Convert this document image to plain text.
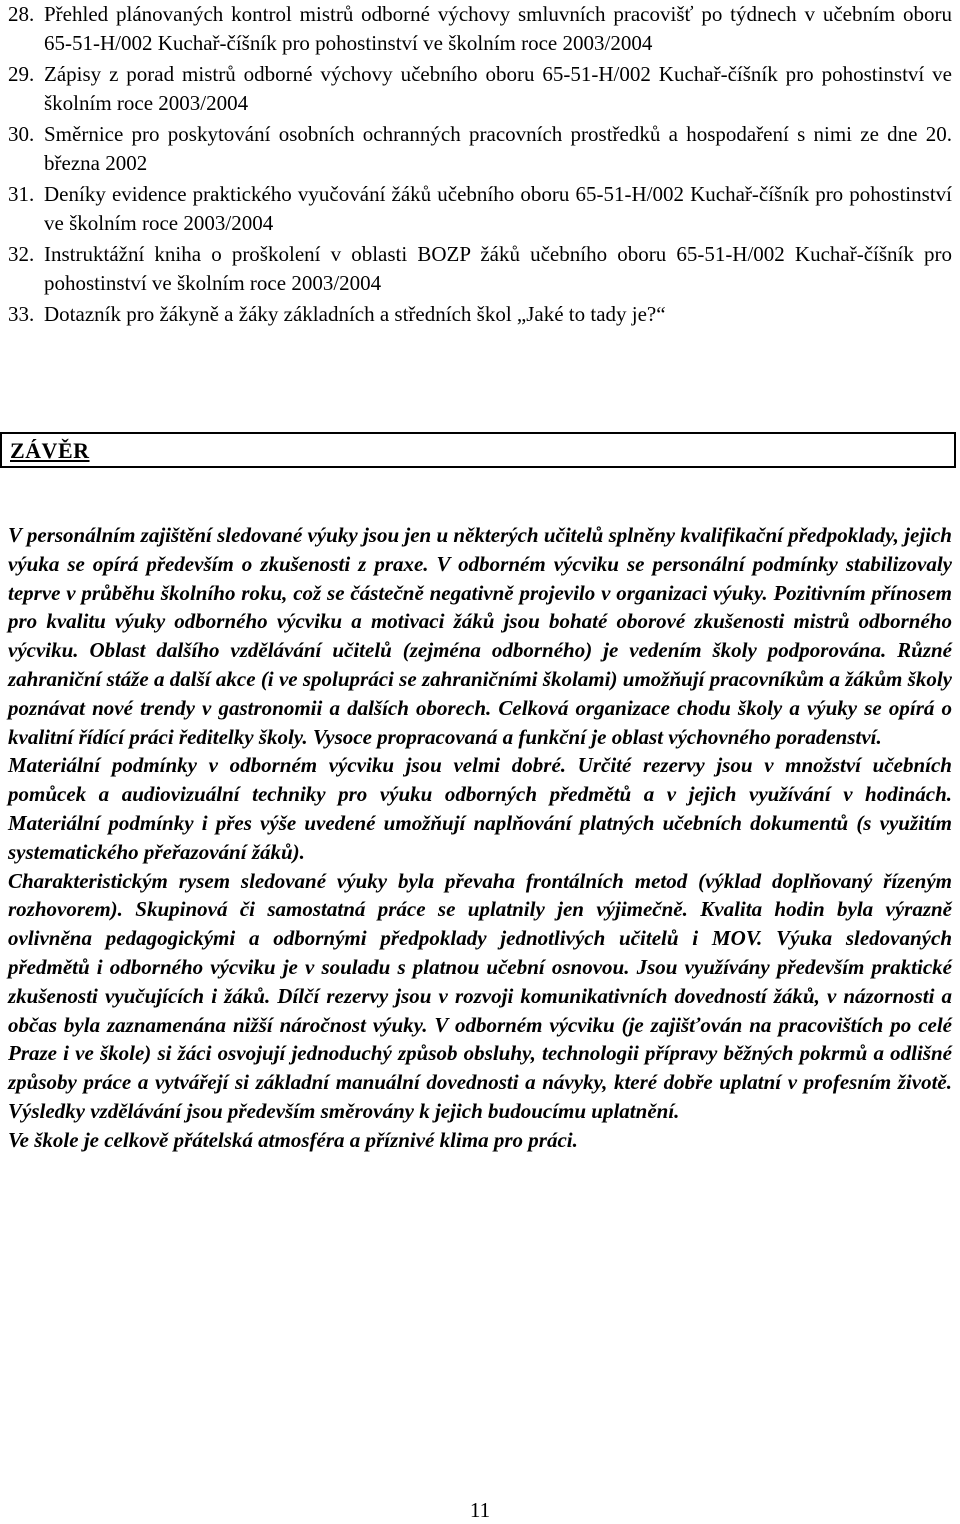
28. Přehled plánovaných kontrol mistrů odborné výchovy smluvních pracovišť po týdnech v učebním oboru 65-51-H/002 Kuchař-číšník pro pohostinství ve školním roce 2003/2004
29. Zápisy z porad mistrů odborné výchovy učebního oboru 65-51-H/002 Kuchař-číšník pro pohostinství ve školním roce 2003/2004
30. Směrnice pro poskytování osobních ochranných pracovních prostředků a hospodaření s nimi ze dne 20. března 2002
31. Deníky evidence praktického vyučování žáků učebního oboru 65-51-H/002 Kuchař-číšník pro pohostinství ve školním roce 2003/2004
32. Instruktážní kniha o proškolení v oblasti BOZP žáků učebního oboru 65-51-H/002 Kuchař-číšník pro pohostinství ve školním roce 2003/2004
33. Dotazník pro žákyně a žáky základních a středních škol „Jaké to tady je?“
ZÁVĚR

V personálním zajištění sledované výuky jsou jen u některých učitelů splněny kvalifikační předpoklady, jejich výuka se opírá především o zkušenosti z praxe. V odborném výcviku se personální podmínky stabilizovaly teprve v průběhu školního roku, což se částečně negativně projevilo v organizaci výuky. Pozitivním přínosem pro kvalitu výuky odborného výcviku a motivaci žáků jsou bohaté oborové zkušenosti mistrů odborného výcviku. Oblast dalšího vzdělávání učitelů (zejména odborného) je vedením školy podporována. Různé zahraniční stáže a další akce (i ve spolupráci se zahraničními školami) umožňují pracovníkům a žákům školy poznávat nové trendy v gastronomii a dalších oborech. Celková organizace chodu školy a výuky se opírá o kvalitní řídící práci ředitelky školy. Vysoce propracovaná a funkční je oblast výchovného poradenství.

Materiální podmínky v odborném výcviku jsou velmi dobré. Určité rezervy jsou v množství učebních pomůcek a audiovizuální techniky pro výuku odborných předmětů a v jejich využívání v hodinách. Materiální podmínky i přes výše uvedené umožňují naplňování platných učebních dokumentů (s využitím systematického přeřazování žáků).

Charakteristickým rysem sledované výuky byla převaha frontálních metod (výklad doplňovaný řízeným rozhovorem). Skupinová či samostatná práce se uplatnily jen výjimečně. Kvalita hodin byla výrazně ovlivněna pedagogickými a odbornými předpoklady jednotlivých učitelů i MOV. Výuka sledovaných předmětů i odborného výcviku je v souladu s platnou učební osnovou. Jsou využívány především praktické zkušenosti vyučujících i žáků. Dílčí rezervy jsou v rozvoji komunikativních dovedností žáků, v názornosti a občas byla zaznamenána nižší náročnost výuky. V odborném výcviku (je zajišťován na pracovištích po celé Praze i ve škole) si žáci osvojují jednoduchý způsob obsluhy, technologii přípravy běžných pokrmů a odlišné způsoby práce a vytvářejí si základní manuální dovednosti a návyky, které dobře uplatní v profesním životě. Výsledky vzdělávání jsou především směrovány k jejich budoucímu uplatnění.

Ve škole je celkově přátelská atmosféra a příznivé klima pro práci.

11
